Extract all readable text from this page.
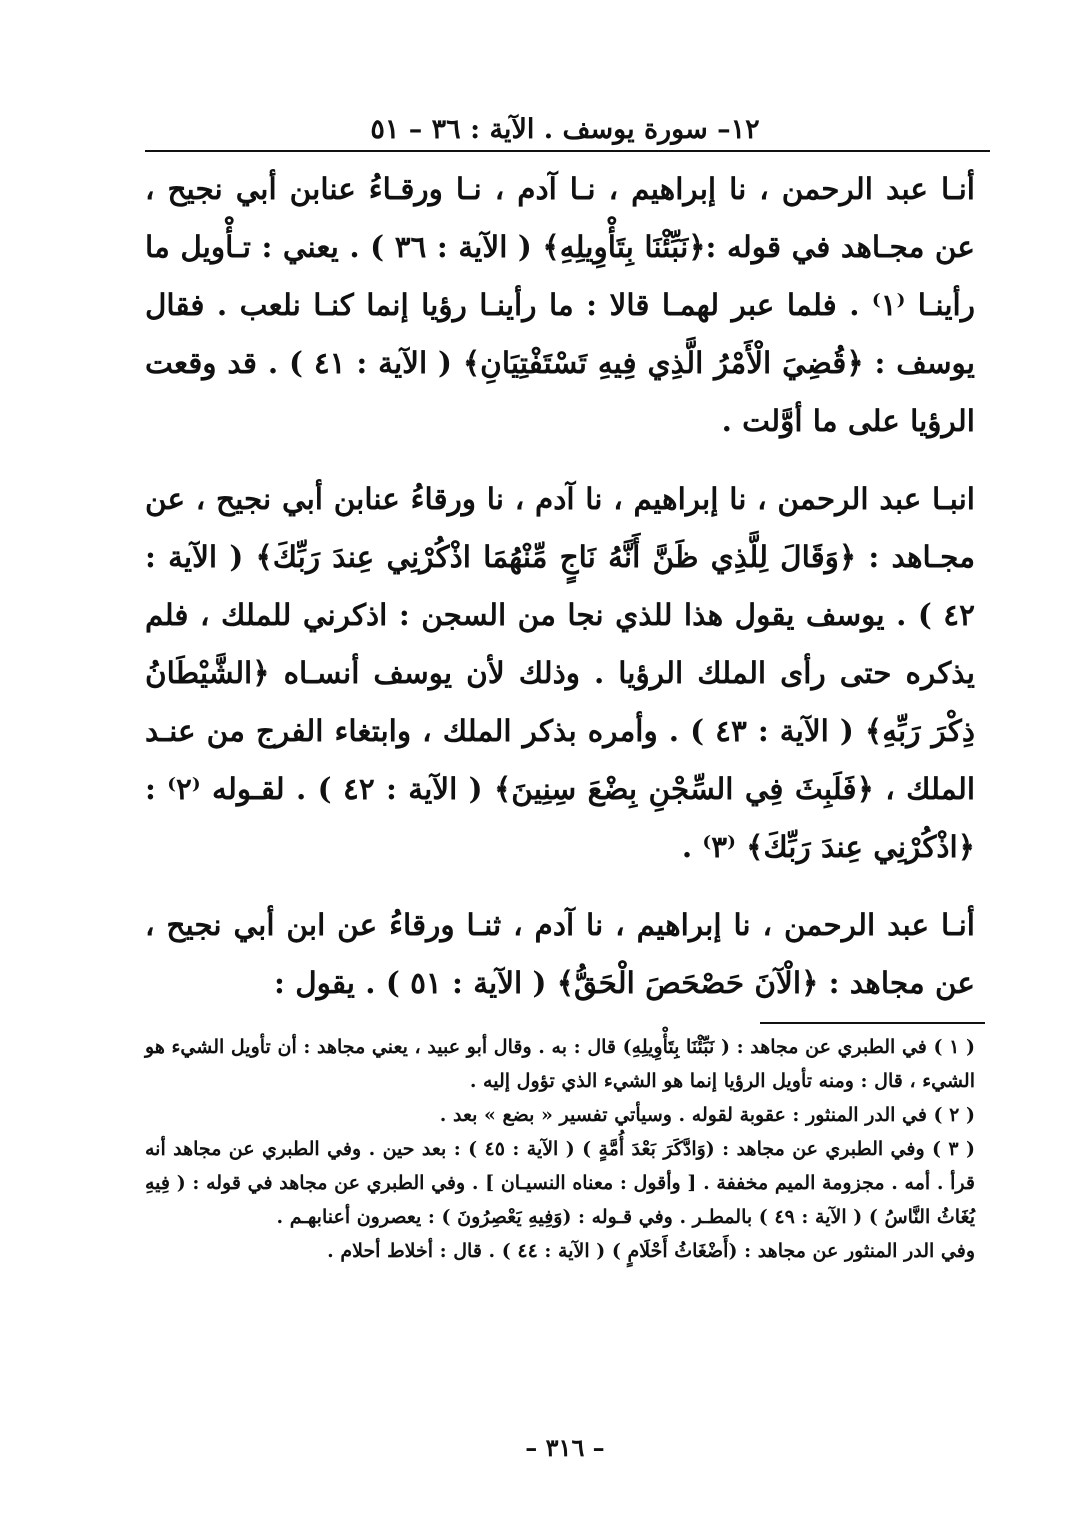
١٢– سورة يوسف . الآية : ٣٦ – ٥١

أنـا عبد الرحمن ، نا إبراهيم ، نـا آدم ، نـا ورقـاءُ عنابن أبي نجيح ، عن مجـاهد في قوله :﴿نَبِّئْنَا بِتَأْوِيلِهِ﴾ ( الآية : ٣٦ ) . يعني : تـأْويل ما رأينـا ⁽١⁾ . فلما عبر لهمـا قالا : ما رأينـا رؤيا إنما كنـا نلعب . فقال يوسف : ﴿قُضِيَ الْأَمْرُ الَّذِي فِيهِ تَسْتَفْتِيَانِ﴾ ( الآية : ٤١ ) . قد وقعت الرؤيا على ما أوَّلت .

انبـا عبد الرحمن ، نا إبراهيم ، نا آدم ، نا ورقاءُ عنابن أبي نجيح ، عن مجـاهد : ﴿وَقَالَ لِلَّذِي ظَنَّ أَنَّهُ نَاجٍ مِّنْهُمَا اذْكُرْنِي عِندَ رَبِّكَ﴾ ( الآية : ٤٢ ) . يوسف يقول هذا للذي نجا من السجن : اذكرني للملك ، فلم يذكره حتى رأى الملك الرؤيا . وذلك لأن يوسف أنسـاه ﴿الشَّيْطَانُ ذِكْرَ رَبِّهِ﴾ ( الآية : ٤٣ ) . وأمره بذكر الملك ، وابتغاء الفرج من عنـد الملك ، ﴿فَلَبِثَ فِي السِّجْنِ بِضْعَ سِنِينَ﴾ ( الآية : ٤٢ ) . لقـوله ⁽٢⁾ :﴿اذْكُرْنِي عِندَ رَبِّكَ﴾ ⁽٣⁾ .

أنـا عبد الرحمن ، نا إبراهيم ، نا آدم ، ثنـا ورقاءُ عن ابن أبي نجيح ، عن مجاهد : ﴿الْآنَ حَصْحَصَ الْحَقُّ﴾ ( الآية : ٥١ ) . يقول :

( ١ ) في الطبري عن مجاهد : ( نَبِّئْنَا بِتَأْوِيلِهِ) قال : به . وقال أبو عبيد ، يعني مجاهد : أن تأويل الشيء هو الشيء ، قال : ومنه تأويل الرؤيا إنما هو الشيء الذي تؤول إليه .

( ٢ ) في الدر المنثور : عقوبة لقوله . وسيأتي تفسير « بضع » بعد .

( ٣ ) وفي الطبري عن مجاهد : (وَادَّكَرَ بَعْدَ أُمَّةٍ ) ( الآية : ٤٥ ) : بعد حين . وفي الطبري عن مجاهد أنه قرأ . أمه . مجزومة الميم مخففة . [ وأقول : معناه النسيـان ] . وفي الطبري عن مجاهد في قوله : ( فِيهِ يُغَاثُ النَّاسُ ) ( الآية : ٤٩ ) بالمطـر . وفي قـوله : (وَفِيهِ يَعْصِرُونَ ) : يعصرون أعنابهـم .

وفي الدر المنثور عن مجاهد : (أَضْغَاثُ أَحْلَامٍ ) ( الآية : ٤٤ ) . قال : أخلاط أحلام .

– ٣١٦ –
